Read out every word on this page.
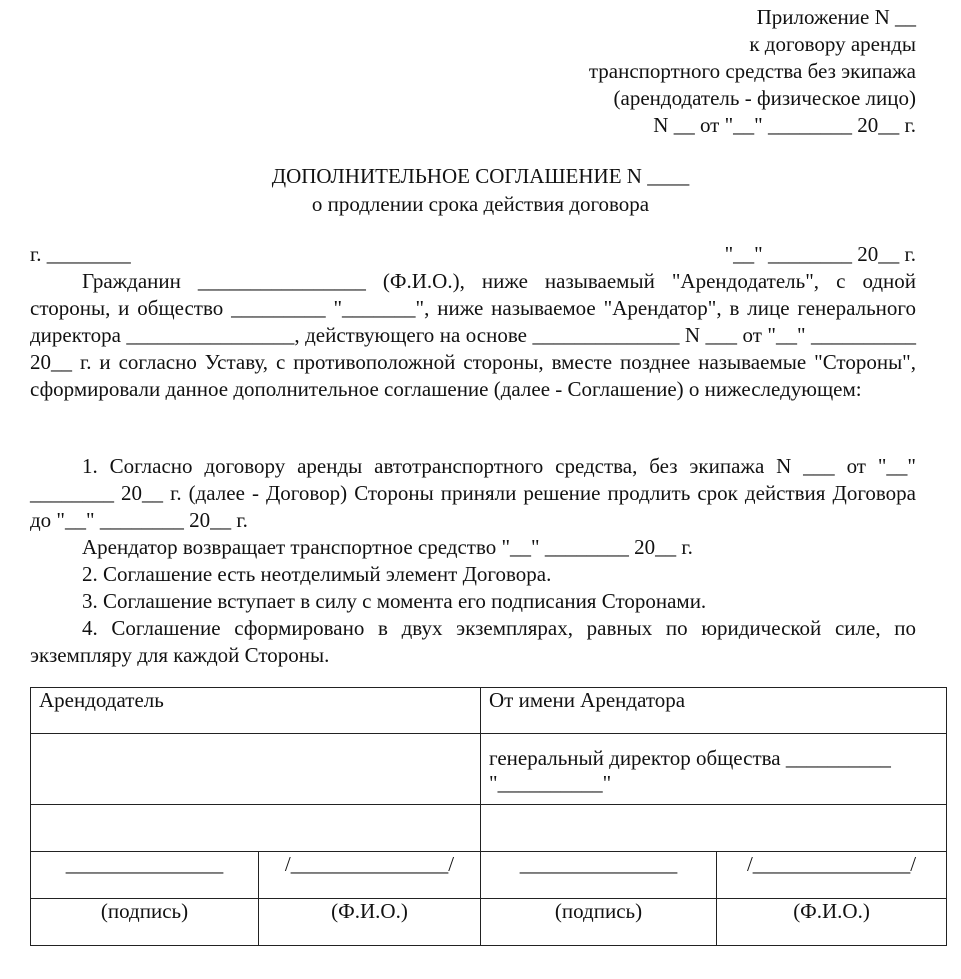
Приложение N __
к договору аренды
транспортного средства без экипажа
(арендодатель - физическое лицо)
N __ от "__" ________ 20__ г.
ДОПОЛНИТЕЛЬНОЕ СОГЛАШЕНИЕ N ____
о продлении срока действия договора
г. ________	"__" ________ 20__ г.

Гражданин ________________ (Ф.И.О.), ниже называемый "Арендодатель", с одной стороны, и общество _________ "_______", ниже называемое "Арендатор", в лице генерального директора ________________, действующего на основе ______________ N ___ от "__" __________ 20__ г. и согласно Уставу, с противоположной стороны, вместе позднее называемые "Стороны", сформировали данное дополнительное соглашение (далее - Соглашение) о нижеследующем:

1. Согласно договору аренды автотранспортного средства, без экипажа N ___ от "__" ________ 20__ г. (далее - Договор) Стороны приняли решение продлить срок действия Договора до "__" ________ 20__ г.

Арендатор возвращает транспортное средство "__" ________ 20__ г.

2. Соглашение есть неотделимый элемент Договора.

3. Соглашение вступает в силу с момента его подписания Сторонами.

4. Соглашение сформировано в двух экземплярах, равных по юридической силе, по экземпляру для каждой Стороны.

Арендодатель		От имени Арендатора	

		генеральный директор общества __________
"__________"	

_______________	/_______________/	_______________	/_______________/
(подпись)	(Ф.И.О.)	(подпись)	(Ф.И.О.)
